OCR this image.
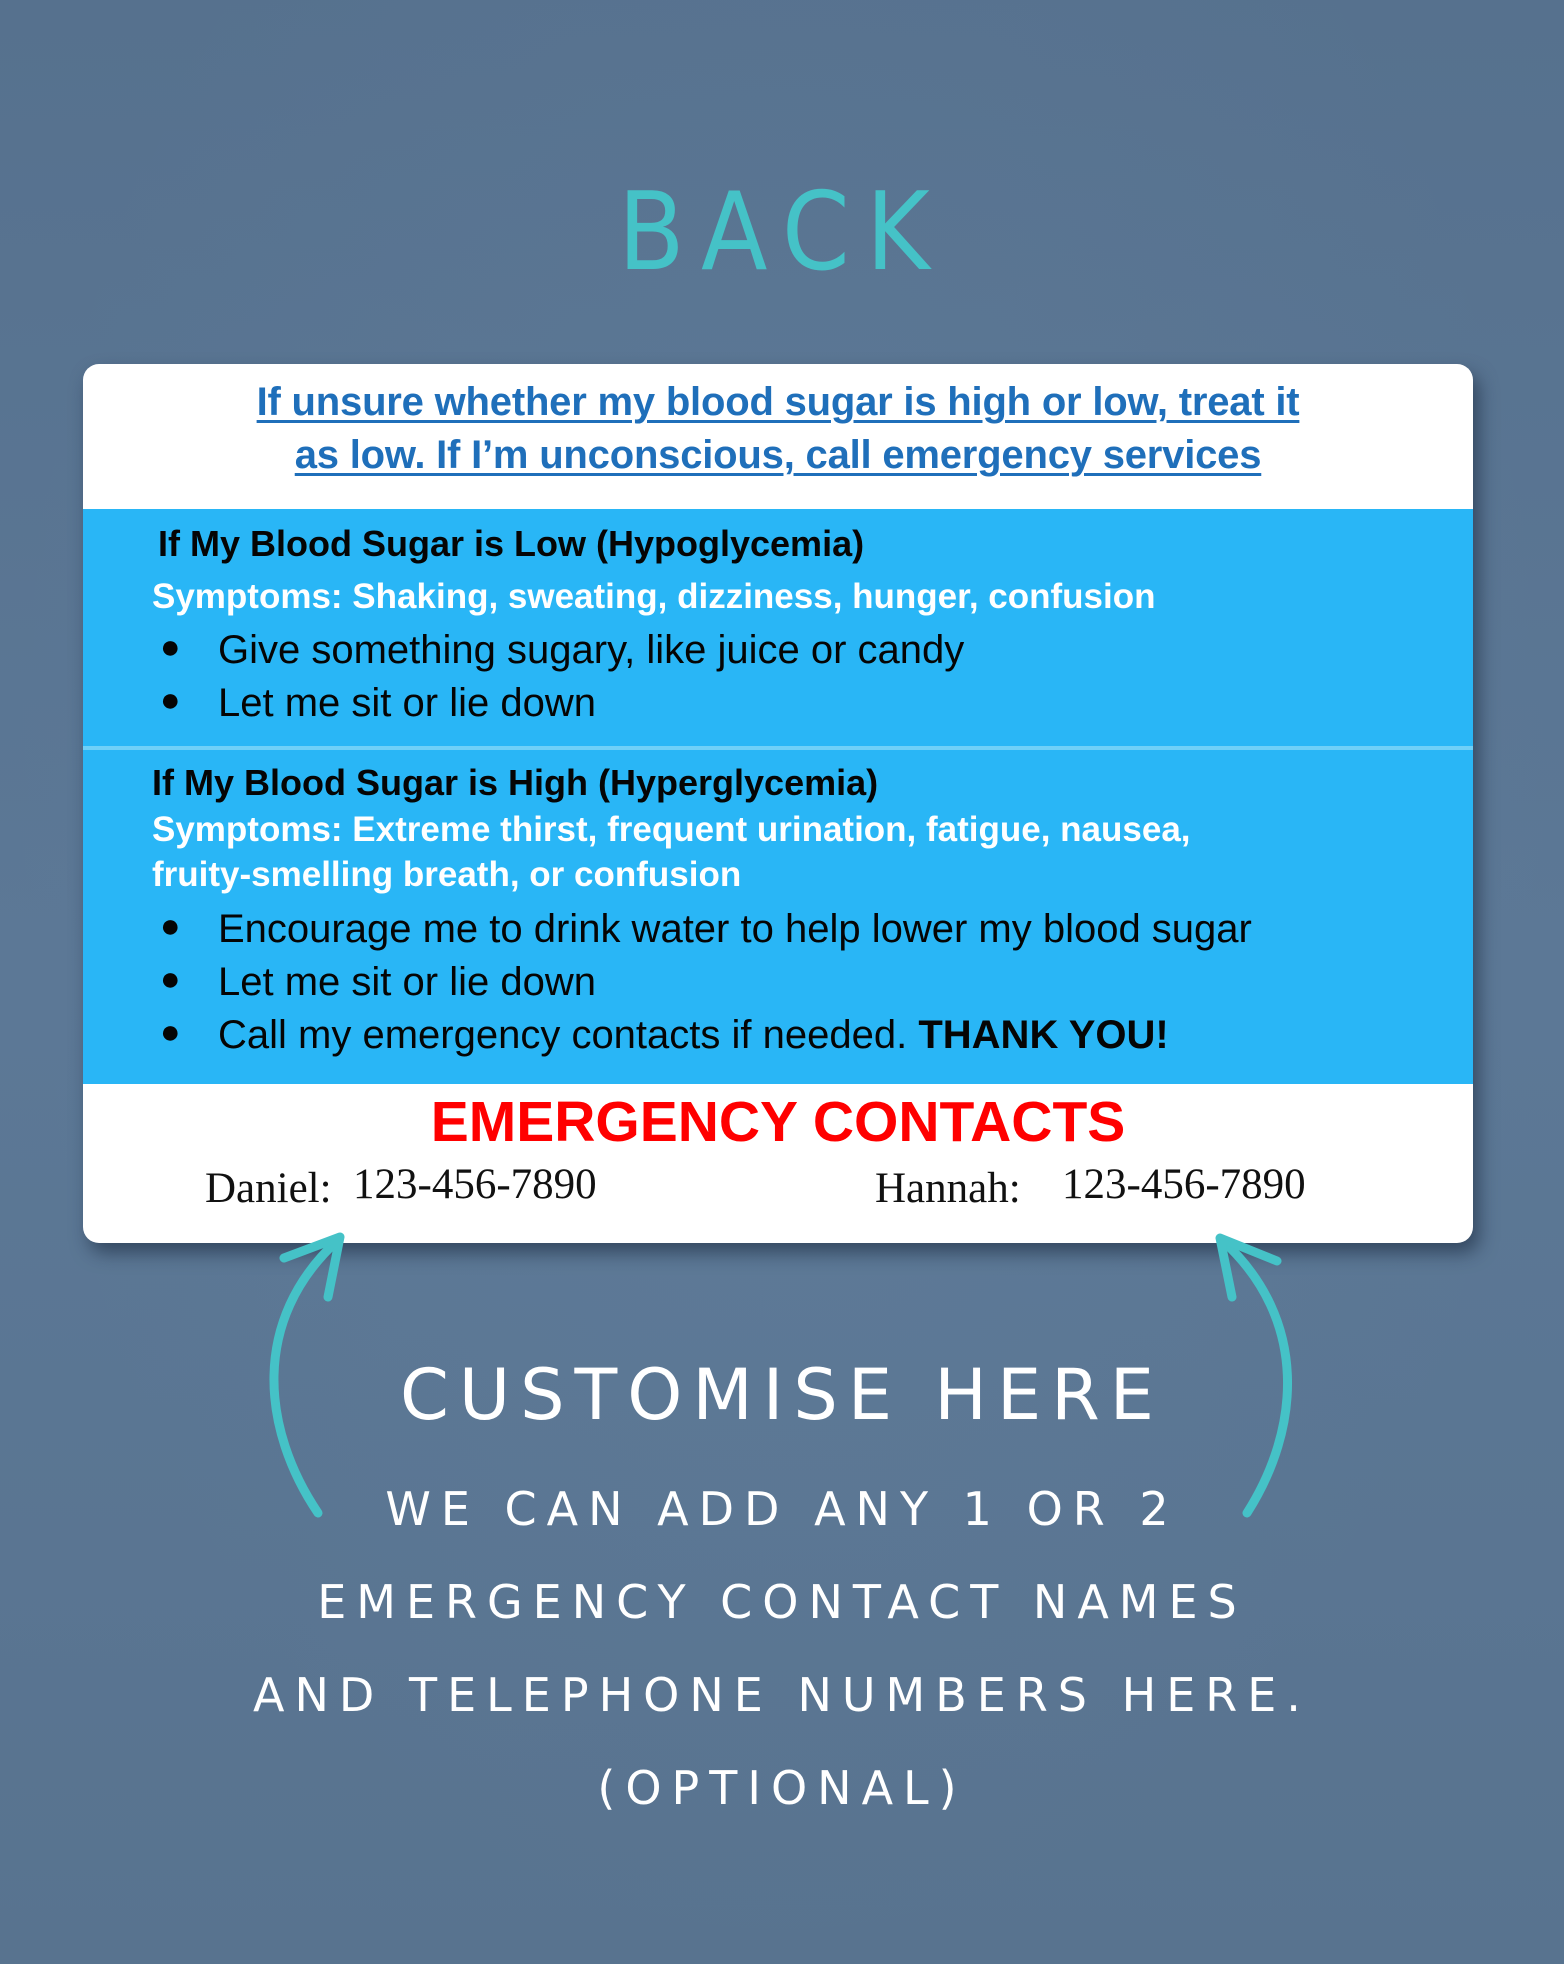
BACK
If unsure whether my blood sugar is high or low, treat it
as low. If I’m unconscious, call emergency services
If My Blood Sugar is Low (Hypoglycemia)
Symptoms: Shaking, sweating, dizziness, hunger, confusion
● Give something sugary, like juice or candy
● Let me sit or lie down
If My Blood Sugar is High (Hyperglycemia)
Symptoms: Extreme thirst, frequent urination, fatigue, nausea,
fruity-smelling breath, or confusion
● Encourage me to drink water to help lower my blood sugar
● Let me sit or lie down
● Call my emergency contacts if needed. THANK YOU!
EMERGENCY CONTACTS
Daniel: 123-456-7890	Hannah: 123-456-7890
CUSTOMISE HERE
WE CAN ADD ANY 1 OR 2
EMERGENCY CONTACT NAMES
AND TELEPHONE NUMBERS HERE.
(OPTIONAL)
